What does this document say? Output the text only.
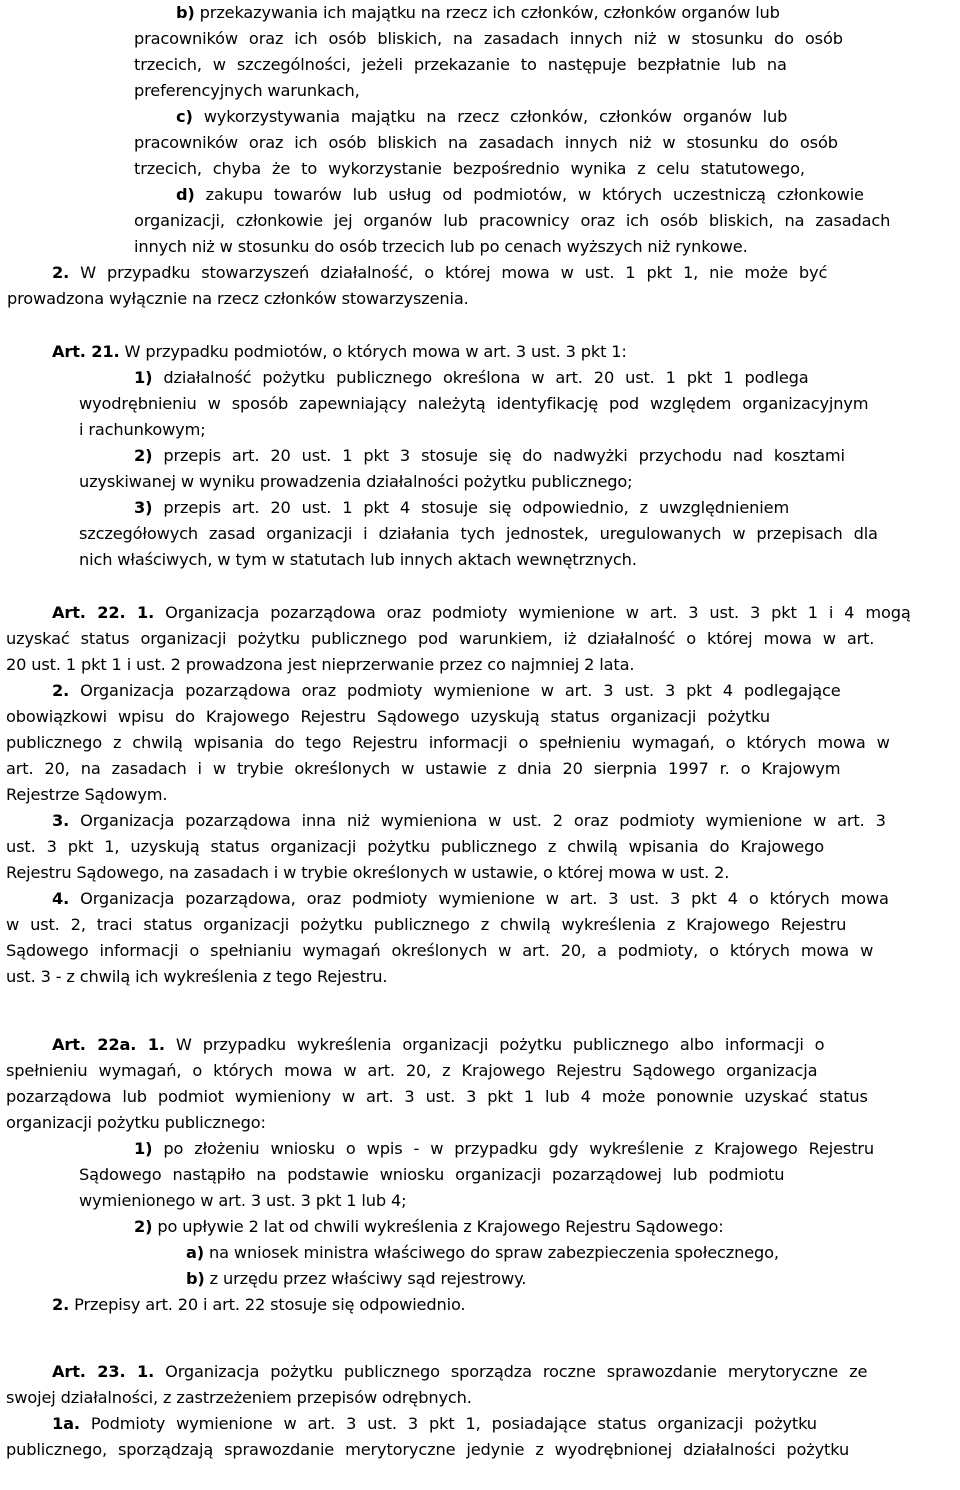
b) przekazywania ich majątku na rzecz ich członków, członków organów lub
pracowników oraz ich osób bliskich, na zasadach innych niż w stosunku do osób
trzecich, w szczególności, jeżeli przekazanie to następuje bezpłatnie lub na
preferencyjnych warunkach,
c) wykorzystywania majątku na rzecz członków, członków organów lub
pracowników oraz ich osób bliskich na zasadach innych niż w stosunku do osób
trzecich, chyba że to wykorzystanie bezpośrednio wynika z celu statutowego,
d) zakupu towarów lub usług od podmiotów, w których uczestniczą członkowie
organizacji, członkowie jej organów lub pracownicy oraz ich osób bliskich, na zasadach
innych niż w stosunku do osób trzecich lub po cenach wyższych niż rynkowe.
2. W przypadku stowarzyszeń działalność, o której mowa w ust. 1 pkt 1, nie może być
prowadzona wyłącznie na rzecz członków stowarzyszenia.
Art. 21. W przypadku podmiotów, o których mowa w art. 3 ust. 3 pkt 1:
1) działalność pożytku publicznego określona w art. 20 ust. 1 pkt 1 podlega
wyodrębnieniu w sposób zapewniający należytą identyfikację pod względem organizacyjnym
i rachunkowym;
2) przepis art. 20 ust. 1 pkt 3 stosuje się do nadwyżki przychodu nad kosztami
uzyskiwanej w wyniku prowadzenia działalności pożytku publicznego;
3) przepis art. 20 ust. 1 pkt 4 stosuje się odpowiednio, z uwzględnieniem
szczegółowych zasad organizacji i działania tych jednostek, uregulowanych w przepisach dla
nich właściwych, w tym w statutach lub innych aktach wewnętrznych.
Art. 22. 1. Organizacja pozarządowa oraz podmioty wymienione w art. 3 ust. 3 pkt 1 i 4 mogą
uzyskać status organizacji pożytku publicznego pod warunkiem, iż działalność o której mowa w art.
20 ust. 1 pkt 1 i ust. 2 prowadzona jest nieprzerwanie przez co najmniej 2 lata.
2. Organizacja pozarządowa oraz podmioty wymienione w art. 3 ust. 3 pkt 4 podlegające
obowiązkowi wpisu do Krajowego Rejestru Sądowego uzyskują status organizacji pożytku
publicznego z chwilą wpisania do tego Rejestru informacji o spełnieniu wymagań, o których mowa w
art. 20, na zasadach i w trybie określonych w ustawie z dnia 20 sierpnia 1997 r. o Krajowym
Rejestrze Sądowym.
3. Organizacja pozarządowa inna niż wymieniona w ust. 2 oraz podmioty wymienione w art. 3
ust. 3 pkt 1, uzyskują status organizacji pożytku publicznego z chwilą wpisania do Krajowego
Rejestru Sądowego, na zasadach i w trybie określonych w ustawie, o której mowa w ust. 2.
4. Organizacja pozarządowa, oraz podmioty wymienione w art. 3 ust. 3 pkt 4 o których mowa
w ust. 2, traci status organizacji pożytku publicznego z chwilą wykreślenia z Krajowego Rejestru
Sądowego informacji o spełnianiu wymagań określonych w art. 20, a podmioty, o których mowa w
ust. 3 - z chwilą ich wykreślenia z tego Rejestru.
Art. 22a. 1. W przypadku wykreślenia organizacji pożytku publicznego albo informacji o
spełnieniu wymagań, o których mowa w art. 20, z Krajowego Rejestru Sądowego organizacja
pozarządowa lub podmiot wymieniony w art. 3 ust. 3 pkt 1 lub 4 może ponownie uzyskać status
organizacji pożytku publicznego:
1) po złożeniu wniosku o wpis - w przypadku gdy wykreślenie z Krajowego Rejestru
Sądowego nastąpiło na podstawie wniosku organizacji pozarządowej lub podmiotu
wymienionego w art. 3 ust. 3 pkt 1 lub 4;
2) po upływie 2 lat od chwili wykreślenia z Krajowego Rejestru Sądowego:
a) na wniosek ministra właściwego do spraw zabezpieczenia społecznego,
b) z urzędu przez właściwy sąd rejestrowy.
2. Przepisy art. 20 i art. 22 stosuje się odpowiednio.
Art. 23. 1. Organizacja pożytku publicznego sporządza roczne sprawozdanie merytoryczne ze
swojej działalności, z zastrzeżeniem przepisów odrębnych.
1a. Podmioty wymienione w art. 3 ust. 3 pkt 1, posiadające status organizacji pożytku
publicznego, sporządzają sprawozdanie merytoryczne jedynie z wyodrębnionej działalności pożytku
